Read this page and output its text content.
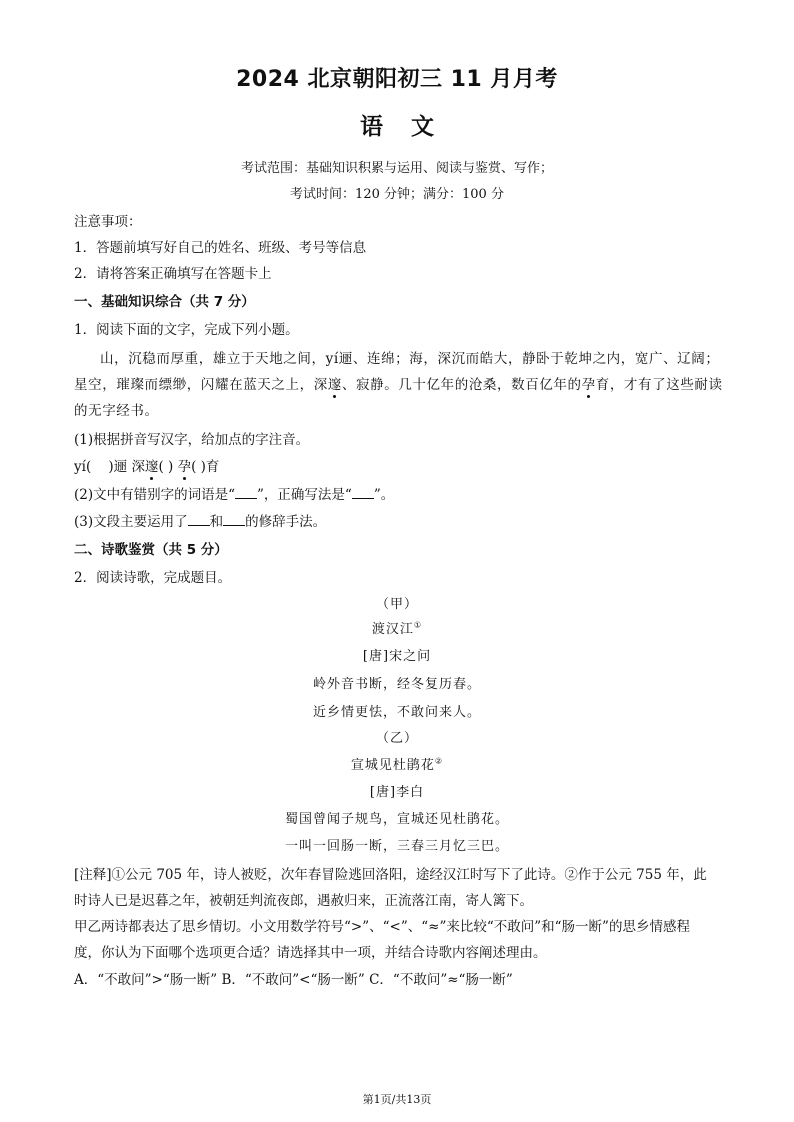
2024 北京朝阳初三 11 月月考
语文
考试范围：基础知识积累与运用、阅读与鉴赏、写作；
考试时间：120 分钟；满分：100 分
注意事项：
1．答题前填写好自己的姓名、班级、考号等信息
2．请将答案正确填写在答题卡上
一、基础知识综合（共 7 分）
1．阅读下面的文字，完成下列小题。
山，沉稳而厚重，雄立于天地之间，yí逦、连绵；海，深沉而皓大，静卧于乾坤之内，宽广、辽阔；
星空，璀璨而缥缈，闪耀在蓝天之上，深邃、寂静。几十亿年的沧桑，数百亿年的孕育，才有了这些耐读
的无字经书。
(1)根据拼音写汉字，给加点的字注音。
yí( )逦 深邃( ) 孕( )育
(2)文中有错别字的词语是“ ”，正确写法是“ ”。
(3)文段主要运用了 和 的修辞手法。
二、诗歌鉴赏（共 5 分）
2．阅读诗歌，完成题目。
（甲）
渡汉江①
[唐]宋之问
岭外音书断，经冬复历春。
近乡情更怯，不敢问来人。
（乙）
宣城见杜鹃花②
[唐]李白
蜀国曾闻子规鸟，宣城还见杜鹃花。
一叫一回肠一断，三春三月忆三巴。
[注释]①公元 705 年，诗人被贬，次年春冒险逃回洛阳，途经汉江时写下了此诗。②作于公元 755 年，此
时诗人已是迟暮之年，被朝廷判流夜郎，遇赦归来，正流落江南，寄人篱下。
甲乙两诗都表达了思乡情切。小文用数学符号“>”、“<”、“≈”来比较“不敢问”和“肠一断”的思乡情感程
度，你认为下面哪个选项更合适？请选择其中一项，并结合诗歌内容阐述理由。
A．“不敢问”>“肠一断” B．“不敢问”<“肠一断” C．“不敢问”≈“肠一断”
第1页/共13页
